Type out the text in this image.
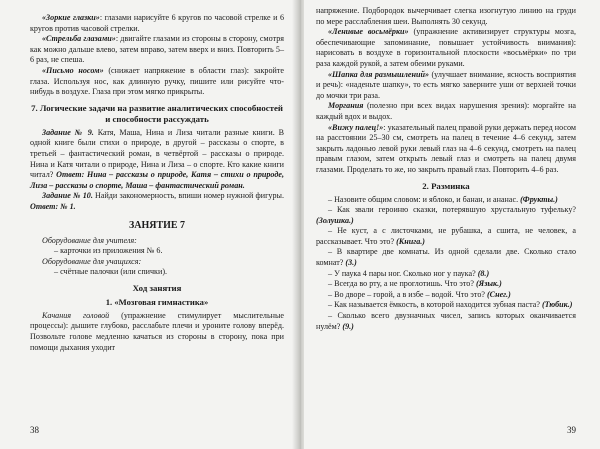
«Зоркие глазки»: глазами нарисуйте 6 кругов по часовой стрелке и 6 кругов против часовой стрелки.

«Стрельба глазами»: двигайте глазами из стороны в сторону, смотря как можно дальше влево, затем вправо, затем вверх и вниз. Повторить 5–6 раз, не спеша.

«Письмо носом» (снижает напряжение в области глаз): закройте глаза. Используя нос, как длинную ручку, пишите или рисуйте что-нибудь в воздухе. Глаза при этом мягко прикрыты.

7. Логические задачи на развитие аналитических способностей и способности рассуждать

Задание № 9. Катя, Маша, Нина и Лиза читали разные книги. В одной книге были стихи о природе, в другой – рассказы о спорте, в третьей – фантастический роман, в четвёртой – рассказы о природе. Нина и Катя читали о природе, Нина и Лиза – о спорте. Кто какие книги читал? Ответ: Нина – рассказы о природе, Катя – стихи о природе, Лиза – рассказы о спорте, Маша – фантастический роман.

Задание № 10. Найди закономерность, впиши номер нужной фигуры. Ответ: № 1.

ЗАНЯТИЕ 7

Оборудование для учителя:

– карточки из приложения № 6.

Оборудование для учащихся:

– счётные палочки (или спички).

Ход занятия

1. «Мозговая гимнастика»

Качания головой (упражнение стимулирует мыслительные процессы): дышите глубоко, расслабьте плечи и уроните голову вперёд. Позвольте голове медленно качаться из стороны в сторону, пока при помощи дыхания уходит

38

напряжение. Подбородок вычерчивает слегка изогнутую линию на груди по мере расслабления шеи. Выполнять 30 секунд.

«Ленивые восьмёрки» (упражнение активизирует структуры мозга, обеспечивающие запоминание, повышает устойчивость внимания): нарисовать в воздухе в горизонтальной плоскости «восьмёрки» по три раза каждой рукой, а затем обеими руками.

«Шапка для размышлений» (улучшает внимание, ясность восприятия и речь): «наденьте шапку», то есть мягко заверните уши от верхней точки до мочки три раза.

Моргания (полезно при всех видах нарушения зрения): моргайте на каждый вдох и выдох.

«Вижу палец!»: указательный палец правой руки держать перед носом на расстоянии 25–30 см, смотреть на палец в течение 4–6 секунд, затем закрыть ладонью левой руки левый глаз на 4–6 секунд, смотреть на палец правым глазом, затем открыть левый глаз и смотреть на палец двумя глазами. Проделать то же, но закрыть правый глаз. Повторить 4–6 раз.

2. Разминка

– Назовите общим словом: и яблоко, и банан, и ананас. (Фрукты.)

– Как звали героиню сказки, потерявшую хрустальную туфельку? (Золушка.)

– Не куст, а с листочками, не рубашка, а сшита, не человек, а рассказывает. Что это? (Книга.)

– В квартире две комнаты. Из одной сделали две. Сколько стало комнат? (3.)

– У паука 4 пары ног. Сколько ног у паука? (8.)

– Всегда во рту, а не проглотишь. Что это? (Язык.)

– Во дворе – горой, а в избе – водой. Что это? (Снег.)

– Как называется ёмкость, в которой находится зубная паста? (Тюбик.)

– Сколько всего двузначных чисел, запись которых оканчивается нулём? (9.)

39
